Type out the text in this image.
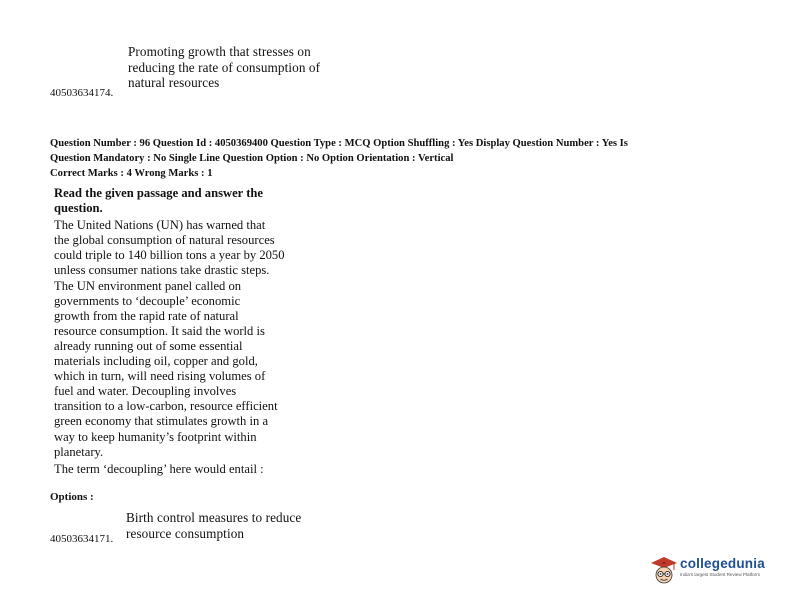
Promoting growth that stresses on
reducing the rate of consumption of
natural resources
40503634174.
Question Number : 96 Question Id : 4050369400 Question Type : MCQ Option Shuffling : Yes Display Question Number : Yes Is
Question Mandatory : No Single Line Question Option : No Option Orientation : Vertical
Correct Marks : 4 Wrong Marks : 1

Read the given passage and answer the

question.

The United Nations (UN) has warned that

the global consumption of natural resources

could triple to 140 billion tons a year by 2050

unless consumer nations take drastic steps.

The UN environment panel called on

governments to ‘decouple’ economic

growth from the rapid rate of natural

resource consumption. It said the world is

already running out of some essential

materials including oil, copper and gold,

which in turn, will need rising volumes of

fuel and water. Decoupling involves

transition to a low-carbon, resource efficient

green economy that stimulates growth in a

way to keep humanity’s footprint within

planetary.

The term ‘decoupling’ here would entail :

Options :
Birth control measures to reduce
resource consumption
40503634171.
collegedunia
India's largest Student Review Platform
